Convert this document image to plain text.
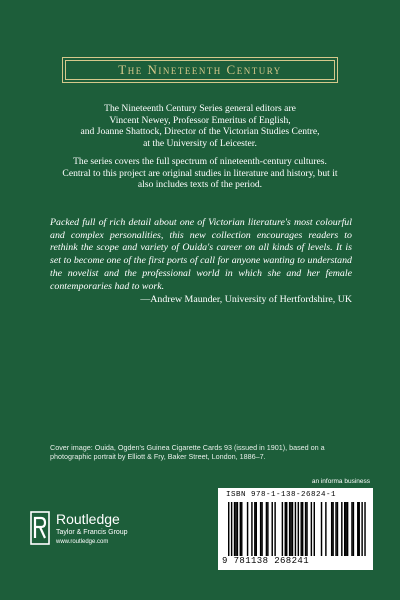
The Nineteenth Century
The Nineteenth Century Series general editors are
Vincent Newey, Professor Emeritus of English,
and Joanne Shattock, Director of the Victorian Studies Centre,
at the University of Leicester.
The series covers the full spectrum of nineteenth-century cultures.
Central to this project are original studies in literature and history, but it
also includes texts of the period.
Packed full of rich detail about one of Victorian literature's most colourful and complex personalities, this new collection encourages readers to rethink the scope and variety of Ouida's career on all kinds of levels. It is set to become one of the first ports of call for anyone wanting to understand the novelist and the professional world in which she and her female contemporaries had to work.
—Andrew Maunder, University of Hertfordshire, UK
Cover image: Ouida, Ogden's Guinea Cigarette Cards 93 (issued in 1901), based on a photographic portrait by Elliott & Fry, Baker Street, London, 1886–7.
Routledge
Taylor & Francis Group
www.routledge.com
an informa business
ISBN 978-1-138-26824-1
9 781138 268241
